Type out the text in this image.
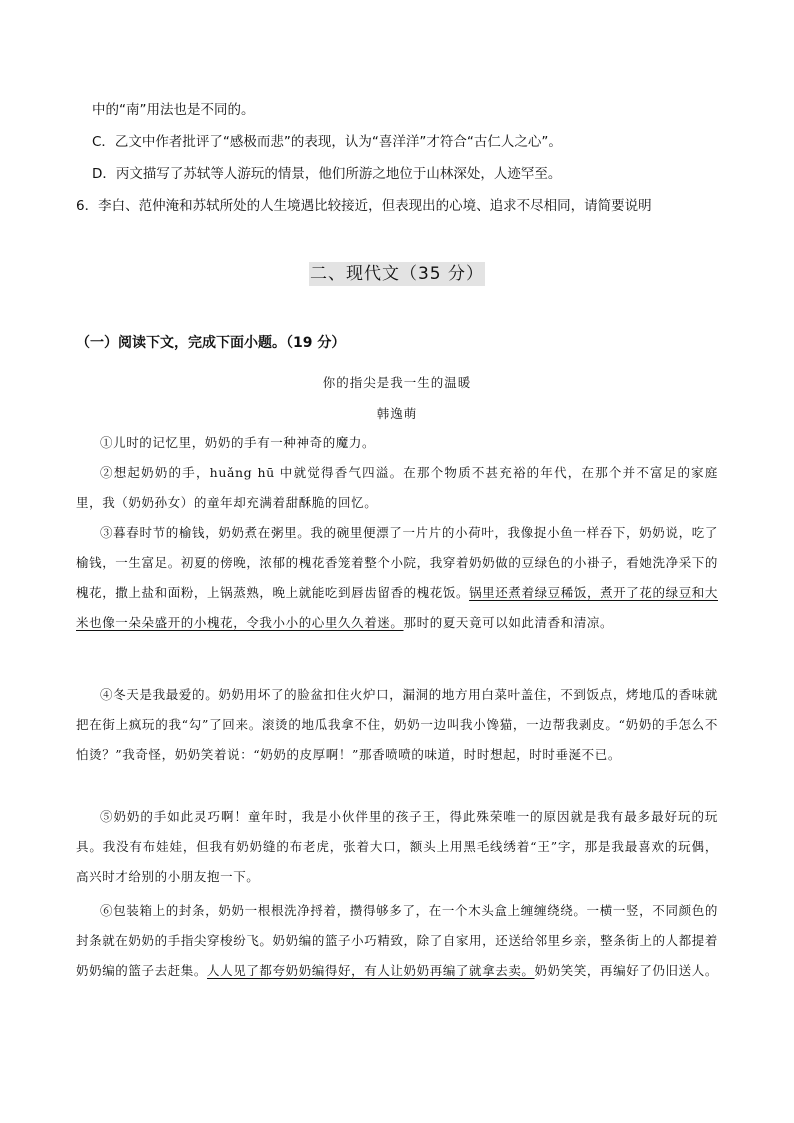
中的“南”用法也是不同的。
C．乙文中作者批评了“感极而悲”的表现，认为“喜洋洋”才符合“古仁人之心”。
D．丙文描写了苏轼等人游玩的情景，他们所游之地位于山林深处，人迹罕至。
6．李白、范仲淹和苏轼所处的人生境遇比较接近，但表现出的心境、追求不尽相同，请简要说明
二、现代文（35 分）
（一）阅读下文，完成下面小题。（19 分）
你的指尖是我一生的温暖
韩逸萌
①儿时的记忆里，奶奶的手有一种神奇的魔力。
②想起奶奶的手，huǎng hū 中就觉得香气四溢。在那个物质不甚充裕的年代，在那个并不富足的家庭里，我（奶奶孙女）的童年却充满着甜酥脆的回忆。
③暮春时节的榆钱，奶奶煮在粥里。我的碗里便漂了一片片的小荷叶，我像捉小鱼一样吞下，奶奶说，吃了榆钱，一生富足。初夏的傍晚，浓郁的槐花香笼着整个小院，我穿着奶奶做的豆绿色的小褂子，看她洗净采下的槐花，撒上盐和面粉，上锅蒸熟，晚上就能吃到唇齿留香的槐花饭。锅里还煮着绿豆稀饭，煮开了花的绿豆和大米也像一朵朵盛开的小槐花，令我小小的心里久久着迷。那时的夏天竟可以如此清香和清凉。
④冬天是我最爱的。奶奶用坏了的脸盆扣住火炉口，漏洞的地方用白菜叶盖住，不到饭点，烤地瓜的香味就把在街上疯玩的我“勾”了回来。滚烫的地瓜我拿不住，奶奶一边叫我小馋猫，一边帮我剥皮。“奶奶的手怎么不怕烫？”我奇怪，奶奶笑着说：“奶奶的皮厚啊！”那香喷喷的味道，时时想起，时时垂涎不已。
⑤奶奶的手如此灵巧啊！童年时，我是小伙伴里的孩子王，得此殊荣唯一的原因就是我有最多最好玩的玩具。我没有布娃娃，但我有奶奶缝的布老虎，张着大口，额头上用黑毛线绣着“王”字，那是我最喜欢的玩偶，高兴时才给别的小朋友抱一下。
⑥包装箱上的封条，奶奶一根根洗净捋着，攒得够多了，在一个木头盒上缠缠绕绕。一横一竖，不同颜色的封条就在奶奶的手指尖穿梭纷飞。奶奶编的篮子小巧精致，除了自家用，还送给邻里乡亲，整条街上的人都提着奶奶编的篮子去赶集。人人见了都夸奶奶编得好，有人让奶奶再编了就拿去卖。奶奶笑笑，再编好了仍旧送人。
